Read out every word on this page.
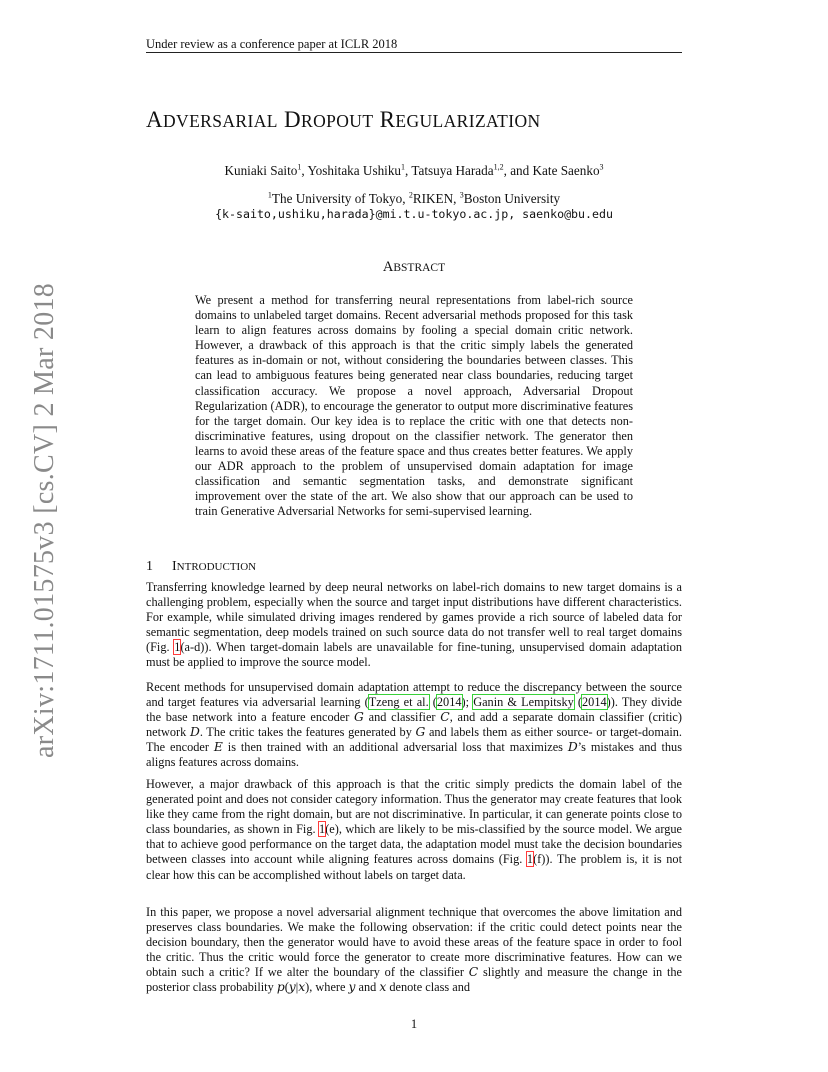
Under review as a conference paper at ICLR 2018
arXiv:1711.01575v3 [cs.CV] 2 Mar 2018
ADVERSARIAL DROPOUT REGULARIZATION
Kuniaki Saito$^1$, Yoshitaka Ushiku$^1$, Tatsuya Harada$^{1,2}$, and Kate Saenko$^3$
$^1$The University of Tokyo, $^2$RIKEN, $^3$Boston University
{k-saito,ushiku,harada}@mi.t.u-tokyo.ac.jp, saenko@bu.edu
ABSTRACT
We present a method for transferring neural representations from label-rich source domains to unlabeled target domains. Recent adversarial methods proposed for this task learn to align features across domains by fooling a special domain critic network. However, a drawback of this approach is that the critic simply labels the generated features as in-domain or not, without considering the boundaries between classes. This can lead to ambiguous features being generated near class boundaries, reducing target classification accuracy. We propose a novel approach, Adversarial Dropout Regularization (ADR), to encourage the generator to output more discriminative features for the target domain. Our key idea is to replace the critic with one that detects non-discriminative features, using dropout on the classifier network. The generator then learns to avoid these areas of the feature space and thus creates better features. We apply our ADR approach to the problem of unsupervised domain adaptation for image classification and semantic segmentation tasks, and demonstrate significant improvement over the state of the art. We also show that our approach can be used to train Generative Adversarial Networks for semi-supervised learning.
1 INTRODUCTION
Transferring knowledge learned by deep neural networks on label-rich domains to new target domains is a challenging problem, especially when the source and target input distributions have different characteristics. For example, while simulated driving images rendered by games provide a rich source of labeled data for semantic segmentation, deep models trained on such source data do not transfer well to real target domains (Fig. 1(a-d)). When target-domain labels are unavailable for fine-tuning, unsupervised domain adaptation must be applied to improve the source model.
Recent methods for unsupervised domain adaptation attempt to reduce the discrepancy between the source and target features via adversarial learning (Tzeng et al. (2014); Ganin & Lempitsky (2014)). They divide the base network into a feature encoder G and classifier C, and add a separate domain classifier (critic) network D. The critic takes the features generated by G and labels them as either source- or target-domain. The encoder E is then trained with an additional adversarial loss that maximizes D’s mistakes and thus aligns features across domains.
However, a major drawback of this approach is that the critic simply predicts the domain label of the generated point and does not consider category information. Thus the generator may create features that look like they came from the right domain, but are not discriminative. In particular, it can generate points close to class boundaries, as shown in Fig. 1(e), which are likely to be mis-classified by the source model. We argue that to achieve good performance on the target data, the adaptation model must take the decision boundaries between classes into account while aligning features across domains (Fig. 1(f)). The problem is, it is not clear how this can be accomplished without labels on target data.
In this paper, we propose a novel adversarial alignment technique that overcomes the above limitation and preserves class boundaries. We make the following observation: if the critic could detect points near the decision boundary, then the generator would have to avoid these areas of the feature space in order to fool the critic. Thus the critic would force the generator to create more discriminative features. How can we obtain such a critic? If we alter the boundary of the classifier C slightly and measure the change in the posterior class probability p(y|x), where y and x denote class and
1
